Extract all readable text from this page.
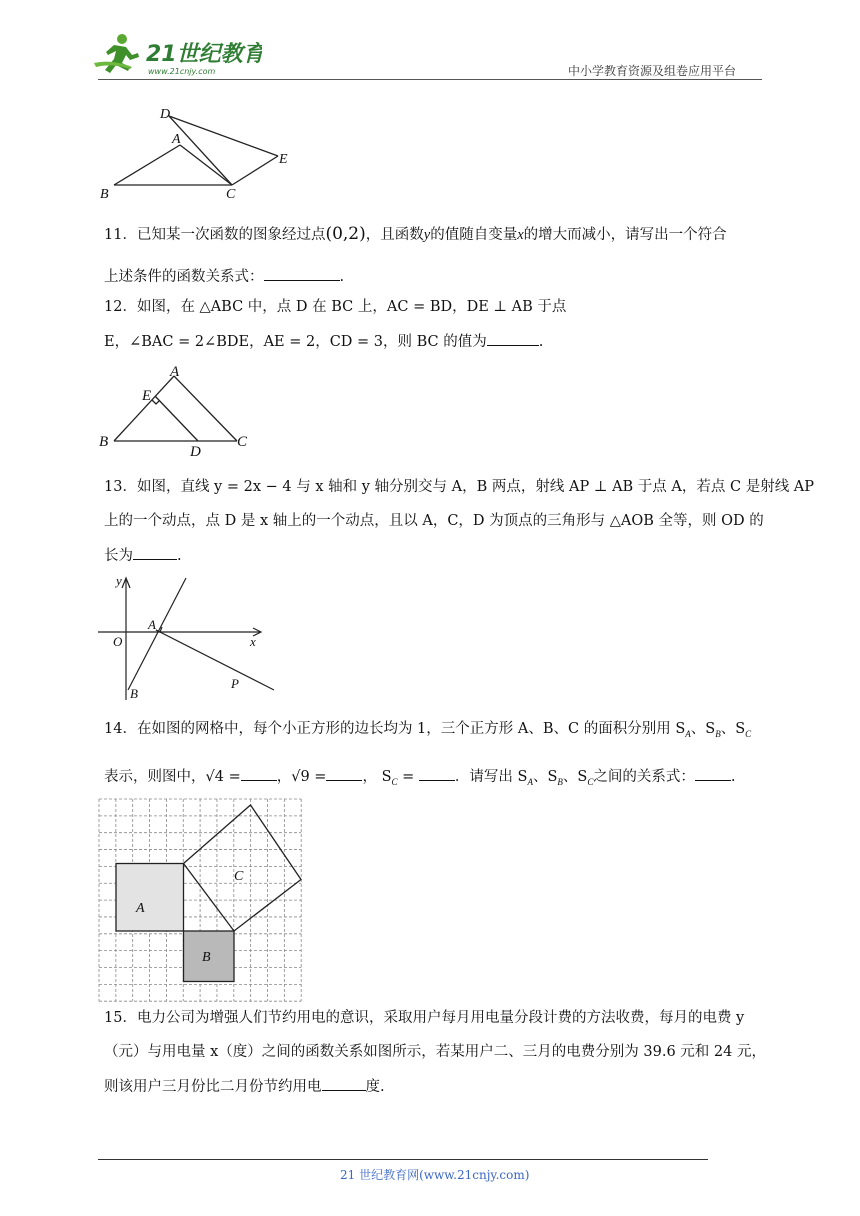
21世纪教育
www.21cnjy.com	中小学教育资源及组卷应用平台
D
A
E
B	C
11．已知某一次函数的图象经过点(0,2)，且函数y的值随自变量x的增大而减小，请写出一个符合
上述条件的函数关系式：	.
12．如图，在 △ABC 中，点 D 在 BC 上，AC = BD，DE ⊥ AB 于点
E，∠BAC = 2∠BDE，AE = 2，CD = 3，则 BC 的值为	.
A
E
B
D
C
13．如图，直线 y = 2x − 4 与 x 轴和 y 轴分别交与 A，B 两点，射线 AP ⊥ AB 于点 A，若点 C 是射线 AP
上的一个动点，点 D 是 x 轴上的一个动点，且以 A，C，D 为顶点的三角形与 △AOB 全等，则 OD 的
长为	.
y
O
A
x
B
P
14．在如图的网格中，每个小正方形的边长均为 1，三个正方形 A、B、C 的面积分别用 $S_A$、$S_B$、$S_C$
表示，则图中，√4 = ，√9 = ， $S_C$ = ．请写出 $S_A$、$S_B$、$S_C$之间的关系式： .
A
B
C
15．电力公司为增强人们节约用电的意识，采取用户每月用电量分段计费的方法收费，每月的电费 y
（元）与用电量 x（度）之间的函数关系如图所示，若某用户二、三月的电费分别为 39.6 元和 24 元，
则该用户三月份比二月份节约用电	度.
21 世纪教育网(www.21cnjy.com)
